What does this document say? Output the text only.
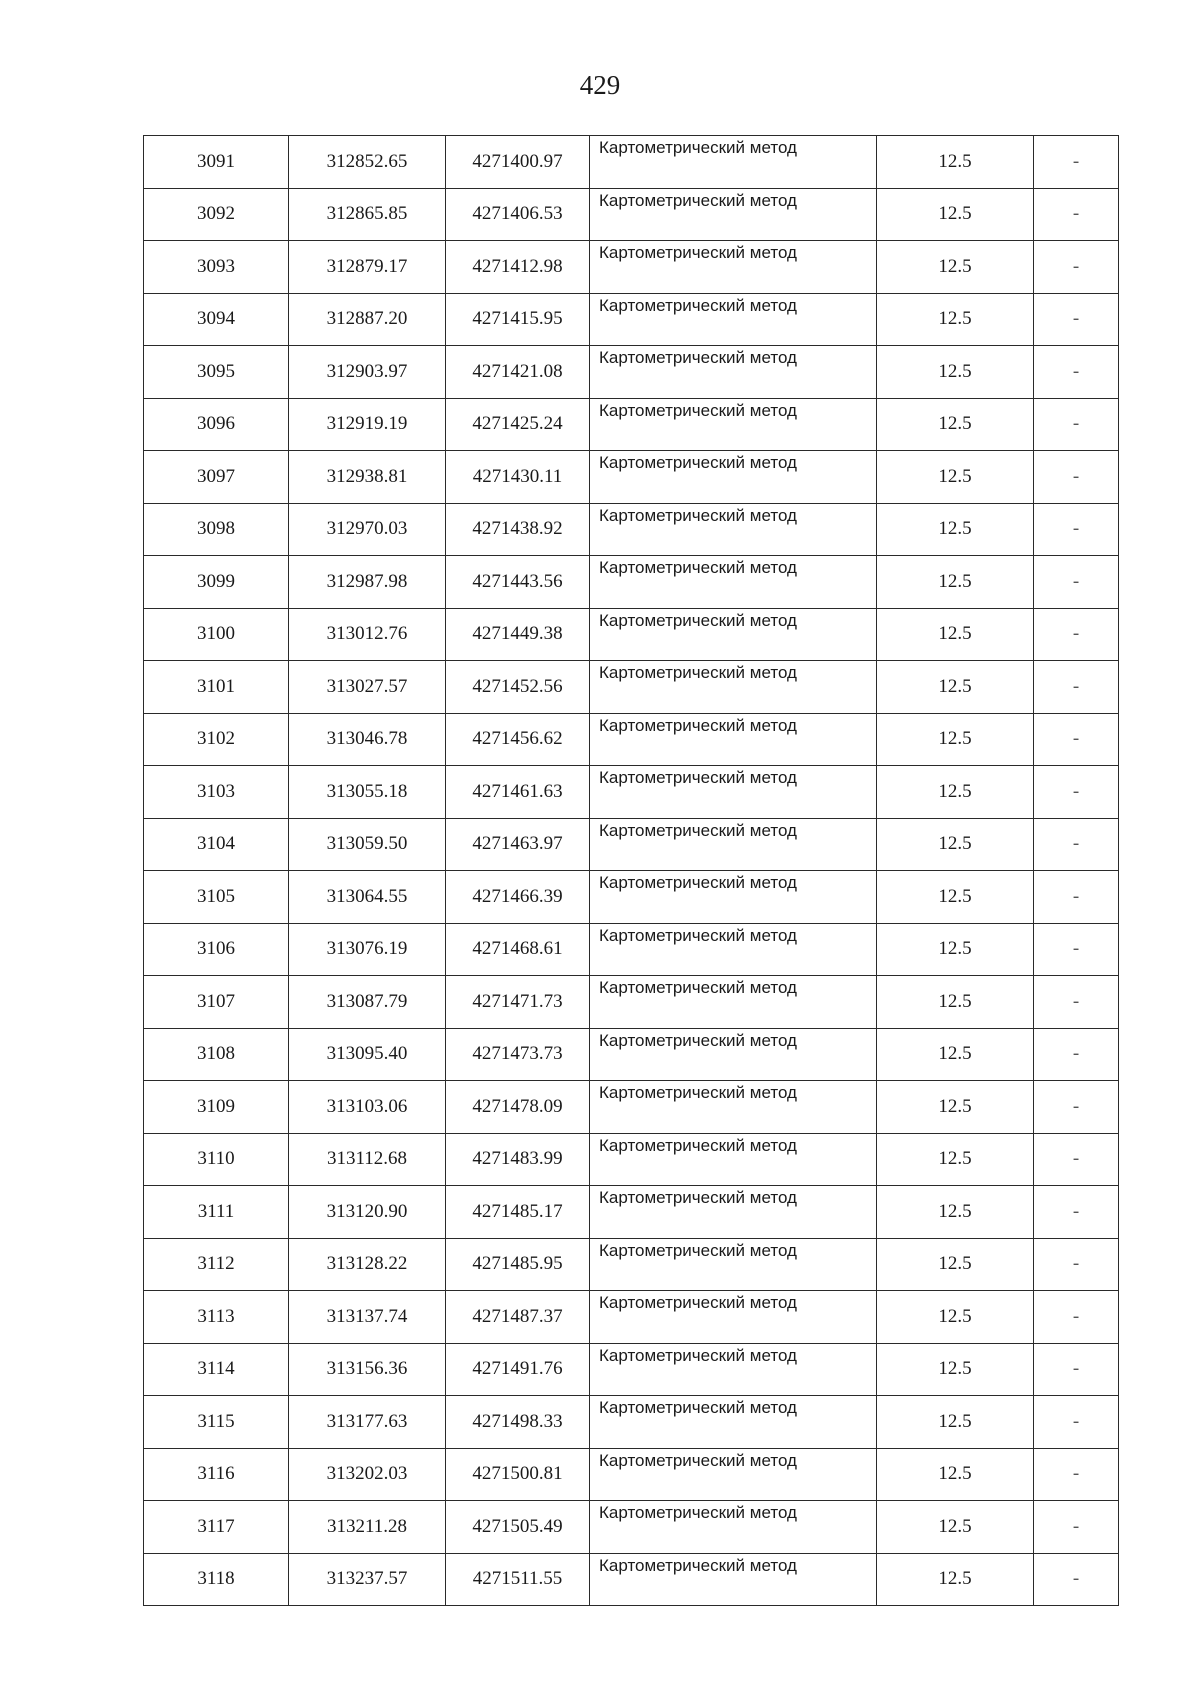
429
3091	312852.65	4271400.97	Картометрический метод	12.5	-
3092	312865.85	4271406.53	Картометрический метод	12.5	-
3093	312879.17	4271412.98	Картометрический метод	12.5	-
3094	312887.20	4271415.95	Картометрический метод	12.5	-
3095	312903.97	4271421.08	Картометрический метод	12.5	-
3096	312919.19	4271425.24	Картометрический метод	12.5	-
3097	312938.81	4271430.11	Картометрический метод	12.5	-
3098	312970.03	4271438.92	Картометрический метод	12.5	-
3099	312987.98	4271443.56	Картометрический метод	12.5	-
3100	313012.76	4271449.38	Картометрический метод	12.5	-
3101	313027.57	4271452.56	Картометрический метод	12.5	-
3102	313046.78	4271456.62	Картометрический метод	12.5	-
3103	313055.18	4271461.63	Картометрический метод	12.5	-
3104	313059.50	4271463.97	Картометрический метод	12.5	-
3105	313064.55	4271466.39	Картометрический метод	12.5	-
3106	313076.19	4271468.61	Картометрический метод	12.5	-
3107	313087.79	4271471.73	Картометрический метод	12.5	-
3108	313095.40	4271473.73	Картометрический метод	12.5	-
3109	313103.06	4271478.09	Картометрический метод	12.5	-
3110	313112.68	4271483.99	Картометрический метод	12.5	-
3111	313120.90	4271485.17	Картометрический метод	12.5	-
3112	313128.22	4271485.95	Картометрический метод	12.5	-
3113	313137.74	4271487.37	Картометрический метод	12.5	-
3114	313156.36	4271491.76	Картометрический метод	12.5	-
3115	313177.63	4271498.33	Картометрический метод	12.5	-
3116	313202.03	4271500.81	Картометрический метод	12.5	-
3117	313211.28	4271505.49	Картометрический метод	12.5	-
3118	313237.57	4271511.55	Картометрический метод	12.5	-
